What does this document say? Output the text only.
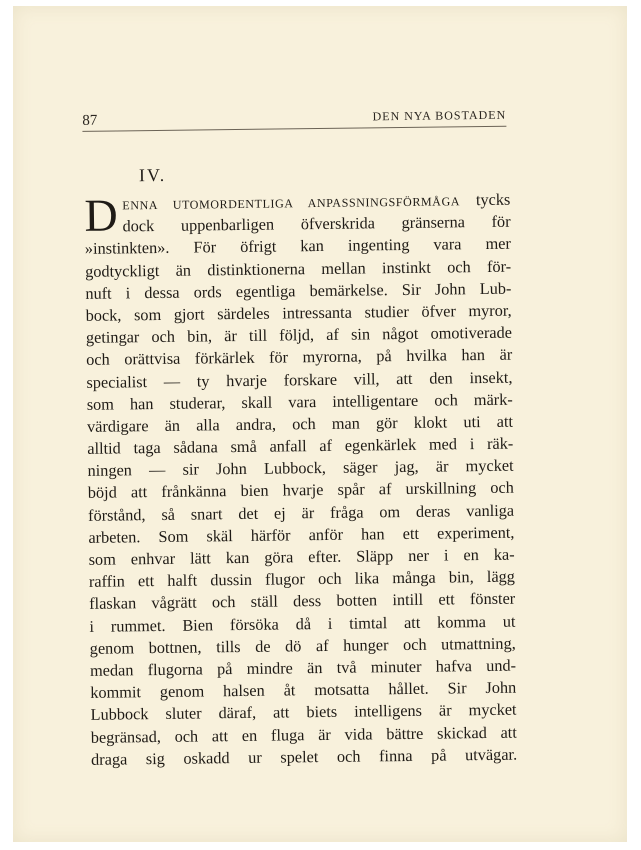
87	DEN NYA BOSTADEN
IV.
D ENNA UTOMORDENTLIGA ANPASSNINGSFÖRMÅGA tycks
dock uppenbarligen öfverskrida gränserna för
»instinkten». För öfrigt kan ingenting vara mer
godtyckligt än distinktionerna mellan instinkt och för-
nuft i dessa ords egentliga bemärkelse. Sir John Lub-
bock, som gjort särdeles intressanta studier öfver myror,
getingar och bin, är till följd, af sin något omotiverade
och orättvisa förkärlek för myrorna, på hvilka han är
specialist — ty hvarje forskare vill, att den insekt,
som han studerar, skall vara intelligentare och märk-
värdigare än alla andra, och man gör klokt uti att
alltid taga sådana små anfall af egenkärlek med i räk-
ningen — sir John Lubbock, säger jag, är mycket
böjd att frånkänna bien hvarje spår af urskillning och
förstånd, så snart det ej är fråga om deras vanliga
arbeten. Som skäl härför anför han ett experiment,
som enhvar lätt kan göra efter. Släpp ner i en ka-
raffin ett halft dussin flugor och lika många bin, lägg
flaskan vågrätt och ställ dess botten intill ett fönster
i rummet. Bien försöka då i timtal att komma ut
genom bottnen, tills de dö af hunger och utmattning,
medan flugorna på mindre än två minuter hafva und-
kommit genom halsen åt motsatta hållet. Sir John
Lubbock sluter däraf, att biets intelligens är mycket
begränsad, och att en fluga är vida bättre skickad att
draga sig oskadd ur spelet och finna på utvägar.
